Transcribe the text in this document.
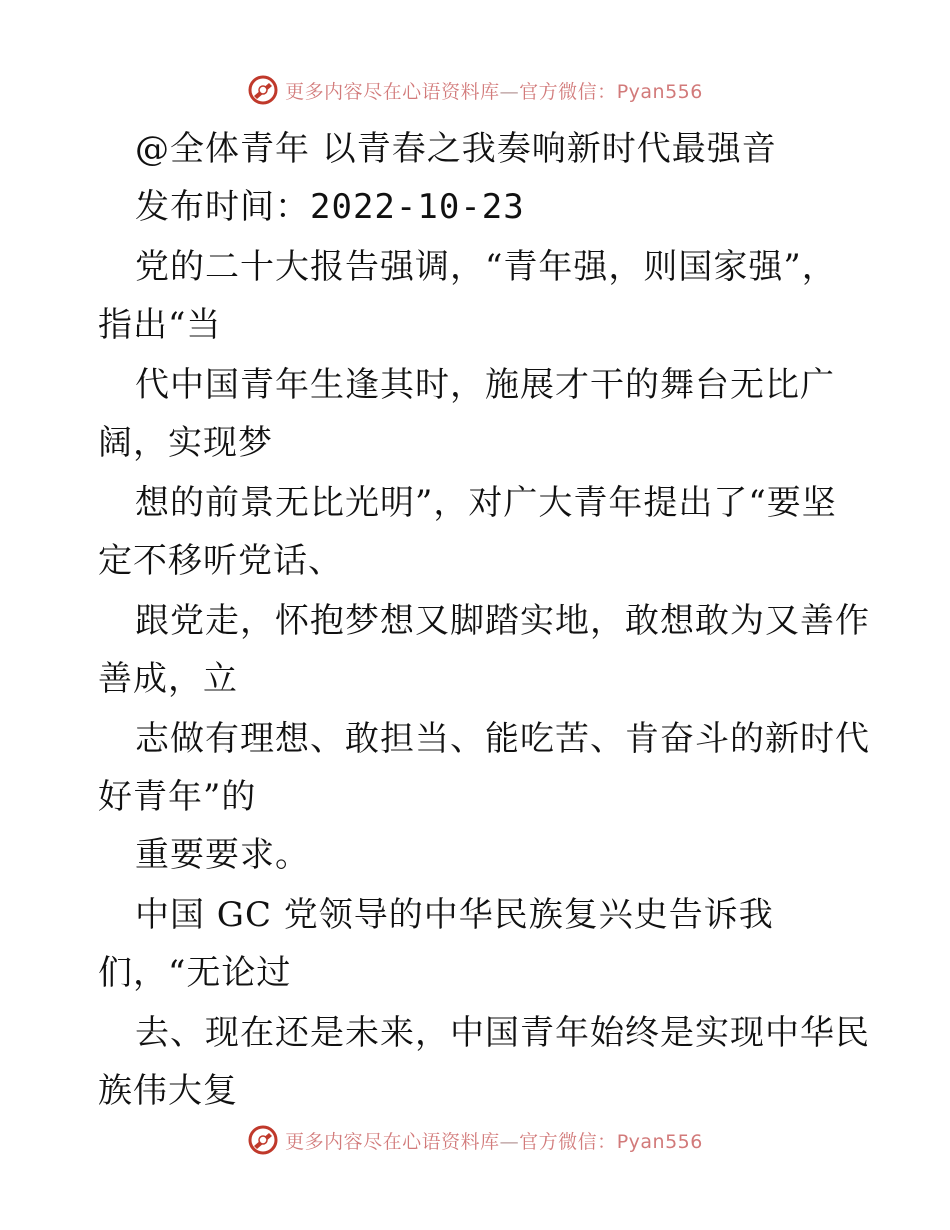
更多内容尽在心语资料库—官方微信：Pyan556
@全体青年 以青春之我奏响新时代最强音
发布时间：2022-10-23
党的二十大报告强调，“青年强，则国家强”，
指出“当
代中国青年生逢其时，施展才干的舞台无比广
阔，实现梦
想的前景无比光明”，对广大青年提出了“要坚
定不移听党话、
跟党走，怀抱梦想又脚踏实地，敢想敢为又善作
善成，立
志做有理想、敢担当、能吃苦、肯奋斗的新时代
好青年”的
重要要求。
中国 GC 党领导的中华民族复兴史告诉我
们，“无论过
去、现在还是未来，中国青年始终是实现中华民
族伟大复
更多内容尽在心语资料库—官方微信：Pyan556
